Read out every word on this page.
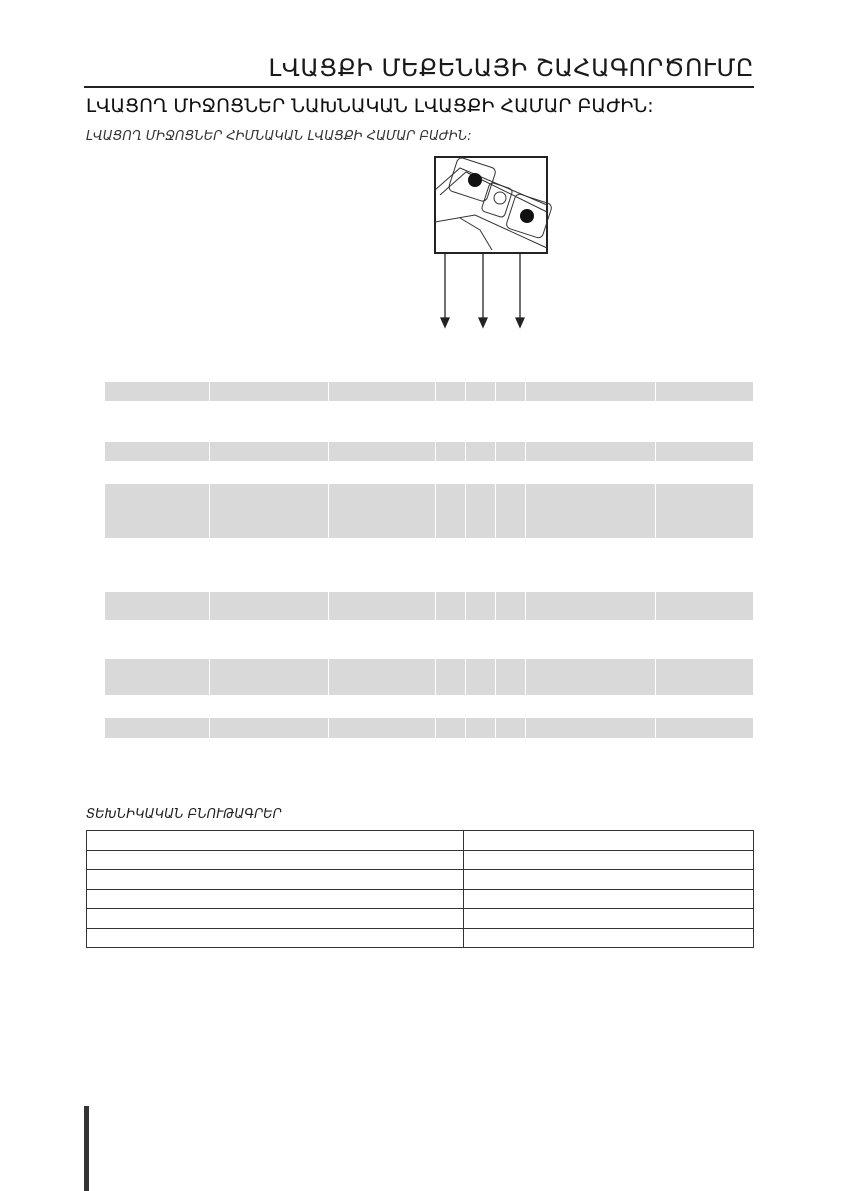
ԼՎԱՑՔԻ ՄԵՔԵՆԱՅԻ ՇԱՀԱԳՈՐԾՈՒՄԸ
ԼՎԱՑՈՂ ՄԻՋՈՑՆԵՐ ՆԱԽՆԱԿԱՆ ԼՎԱՑՔԻ ՀԱՄԱՐ ԲԱԺԻՆ:
ԼՎԱՑՈՂ ՄԻՋՈՑՆԵՐ ՀԻՄՆԱԿԱՆ ԼՎԱՑՔԻ ՀԱՄԱՐ ԲԱԺԻՆ:
ՏԵԽՆԻԿԱԿԱՆ ԲՆՈՒԹԱԳՐԵՐ
